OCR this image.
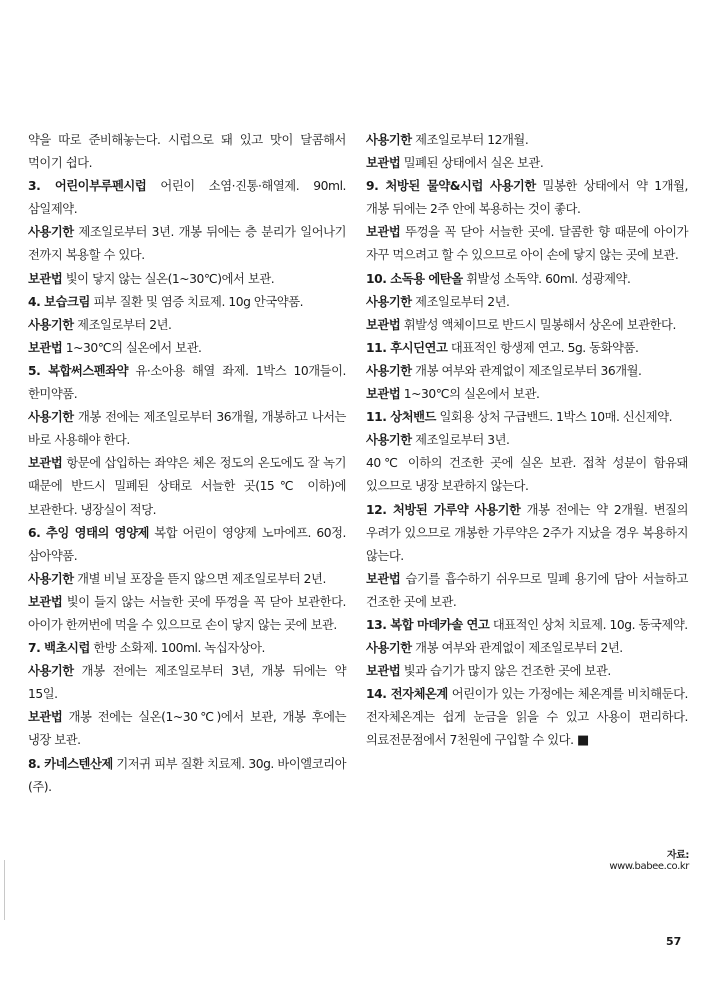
약을 따로 준비해놓는다. 시럽으로 돼 있고 맛이 달콤해서 먹이기 쉽다.

3. 어린이부루펜시럽 어린이 소염·진통·해열제. 90ml. 삼일제약.

사용기한 제조일로부터 3년. 개봉 뒤에는 층 분리가 일어나기 전까지 복용할 수 있다.

보관법 빛이 닿지 않는 실온(1~30℃)에서 보관.

4. 보습크림 피부 질환 및 염증 치료제. 10g 안국약품.

사용기한 제조일로부터 2년.

보관법 1~30℃의 실온에서 보관.

5. 복합써스펜좌약 유·소아용 해열 좌제. 1박스 10개들이. 한미약품.

사용기한 개봉 전에는 제조일로부터 36개월, 개봉하고 나서는 바로 사용해야 한다.

보관법 항문에 삽입하는 좌약은 체온 정도의 온도에도 잘 녹기 때문에 반드시 밀폐된 상태로 서늘한 곳(15℃ 이하)에 보관한다. 냉장실이 적당.

6. 추잉 영태의 영양제 복합 어린이 영양제 노마에프. 60정. 삼아약품.

사용기한 개별 비닐 포장을 뜯지 않으면 제조일로부터 2년.

보관법 빛이 들지 않는 서늘한 곳에 뚜껑을 꼭 닫아 보관한다. 아이가 한꺼번에 먹을 수 있으므로 손이 닿지 않는 곳에 보관.

7. 백초시럽 한방 소화제. 100ml. 녹십자상아.

사용기한 개봉 전에는 제조일로부터 3년, 개봉 뒤에는 약 15일.

보관법 개봉 전에는 실온(1~30℃)에서 보관, 개봉 후에는 냉장 보관.

8. 카네스텐산제 기저귀 피부 질환 치료제. 30g. 바이엘코리아(주).

사용기한 제조일로부터 12개월.

보관법 밀폐된 상태에서 실온 보관.

9. 처방된 물약&시럽 사용기한 밀봉한 상태에서 약 1개월, 개봉 뒤에는 2주 안에 복용하는 것이 좋다.

보관법 뚜껑을 꼭 닫아 서늘한 곳에. 달콤한 향 때문에 아이가 자꾸 먹으려고 할 수 있으므로 아이 손에 닿지 않는 곳에 보관.

10. 소독용 에탄올 휘발성 소독약. 60ml. 성광제약.

사용기한 제조일로부터 2년.

보관법 휘발성 액체이므로 반드시 밀봉해서 상온에 보관한다.

11. 후시딘연고 대표적인 항생제 연고. 5g. 동화약품.

사용기한 개봉 여부와 관계없이 제조일로부터 36개월.

보관법 1~30℃의 실온에서 보관.

11. 상처밴드 일회용 상처 구급밴드. 1박스 10매. 신신제약.

사용기한 제조일로부터 3년.

40℃ 이하의 건조한 곳에 실온 보관. 접착 성분이 함유돼 있으므로 냉장 보관하지 않는다.

12. 처방된 가루약 사용기한 개봉 전에는 약 2개월. 변질의 우려가 있으므로 개봉한 가루약은 2주가 지났을 경우 복용하지 않는다.

보관법 습기를 흡수하기 쉬우므로 밀폐 용기에 담아 서늘하고 건조한 곳에 보관.

13. 복합 마데카솔 연고 대표적인 상처 치료제. 10g. 동국제약.

사용기한 개봉 여부와 관계없이 제조일로부터 2년.

보관법 빛과 습기가 많지 않은 건조한 곳에 보관.

14. 전자체온계 어린이가 있는 가정에는 체온계를 비치해둔다. 전자체온계는 쉽게 눈금을 읽을 수 있고 사용이 편리하다. 의료전문점에서 7천원에 구입할 수 있다. ■

자료: www.babee.co.kr
57
